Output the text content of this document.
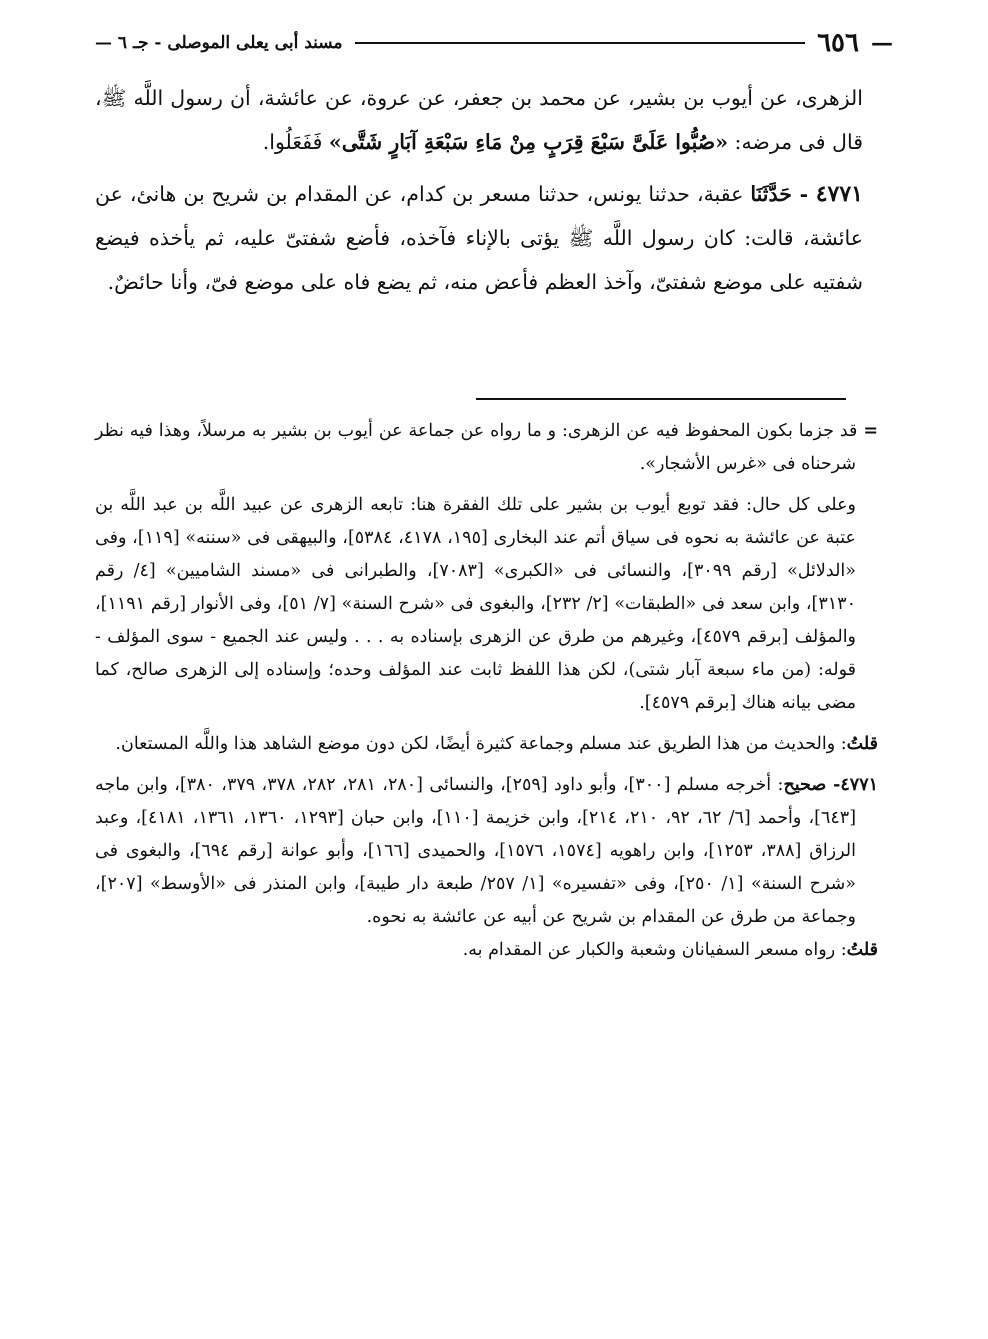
—
٦٥٦
مسند أبى يعلى الموصلى - جـ ٦ —

الزهرى، عن أيوب بن بشير، عن محمد بن جعفر، عن عروة، عن عائشة، أن رسول اللَّه ﷺ، قال فى مرضه: «صُبُّوا عَلَىَّ سَبْعَ قِرَبٍ مِنْ مَاءِ سَبْعَةِ آبَارٍ شَتَّى» فَفَعَلُوا.

٤٧٧١ - حَدَّثَنَا عقبة، حدثنا يونس، حدثنا مسعر بن كدام، عن المقدام بن شريح بن هانئ، عن عائشة، قالت: كان رسول اللَّه ﷺ يؤتى بالإناء فآخذه، فأضع شفتىّ عليه، ثم يأخذه فيضع شفتيه على موضع شفتىّ، وآخذ العظم فأعض منه، ثم يضع فاه على موضع فىّ، وأنا حائضٌ.

= قد جزما بكون المحفوظ فيه عن الزهرى: و ما رواه عن جماعة عن أيوب بن بشير به مرسلاً، وهذا فيه نظر شرحناه فى «غرس الأشجار».

وعلى كل حال: فقد توبع أيوب بن بشير على تلك الفقرة هنا: تابعه الزهرى عن عبيد اللَّه بن عبد اللَّه بن عتبة عن عائشة به نحوه فى سياق أتم عند البخارى [١٩٥، ٤١٧٨، ٥٣٨٤]، والبيهقى فى «سننه» [١١٩]، وفى «الدلائل» [رقم ٣٠٩٩]، والنسائى فى «الكبرى» [٧٠٨٣]، والطبرانى فى «مسند الشاميين» [٤/ رقم ٣١٣٠]، وابن سعد فى «الطبقات» [٢/ ٢٣٢]، والبغوى فى «شرح السنة» [٧/ ٥١]، وفى الأنوار [رقم ١١٩١]، والمؤلف [برقم ٤٥٧٩]، وغيرهم من طرق عن الزهرى بإسناده به . . . وليس عند الجميع - سوى المؤلف - قوله: (من ماء سبعة آبار شتى)، لكن هذا اللفظ ثابت عند المؤلف وحده؛ وإسناده إلى الزهرى صالح، كما مضى بيانه هناك [برقم ٤٥٧٩].

قلتُ: والحديث من هذا الطريق عند مسلم وجماعة كثيرة أيضًا، لكن دون موضع الشاهد هذا واللَّه المستعان.

٤٧٧١- صحيح: أخرجه مسلم [٣٠٠]، وأبو داود [٢٥٩]، والنسائى [٢٨٠، ٢٨١، ٢٨٢، ٣٧٨، ٣٧٩، ٣٨٠]، وابن ماجه [٦٤٣]، وأحمد [٦/ ٦٢، ٩٢، ٢١٠، ٢١٤]، وابن خزيمة [١١٠]، وابن حبان [١٢٩٣، ١٣٦٠، ١٣٦١، ٤١٨١]، وعبد الرزاق [٣٨٨، ١٢٥٣]، وابن راهويه [١٥٧٤، ١٥٧٦]، والحميدى [١٦٦]، وأبو عوانة [رقم ٦٩٤]، والبغوى فى «شرح السنة» [١/ ٢٥٠]، وفى «تفسيره» [١/ ٢٥٧/ طبعة دار طيبة]، وابن المنذر فى «الأوسط» [٢٠٧]، وجماعة من طرق عن المقدام بن شريح عن أبيه عن عائشة به نحوه.

قلتُ: رواه مسعر السفيانان وشعبة والكبار عن المقدام به.
